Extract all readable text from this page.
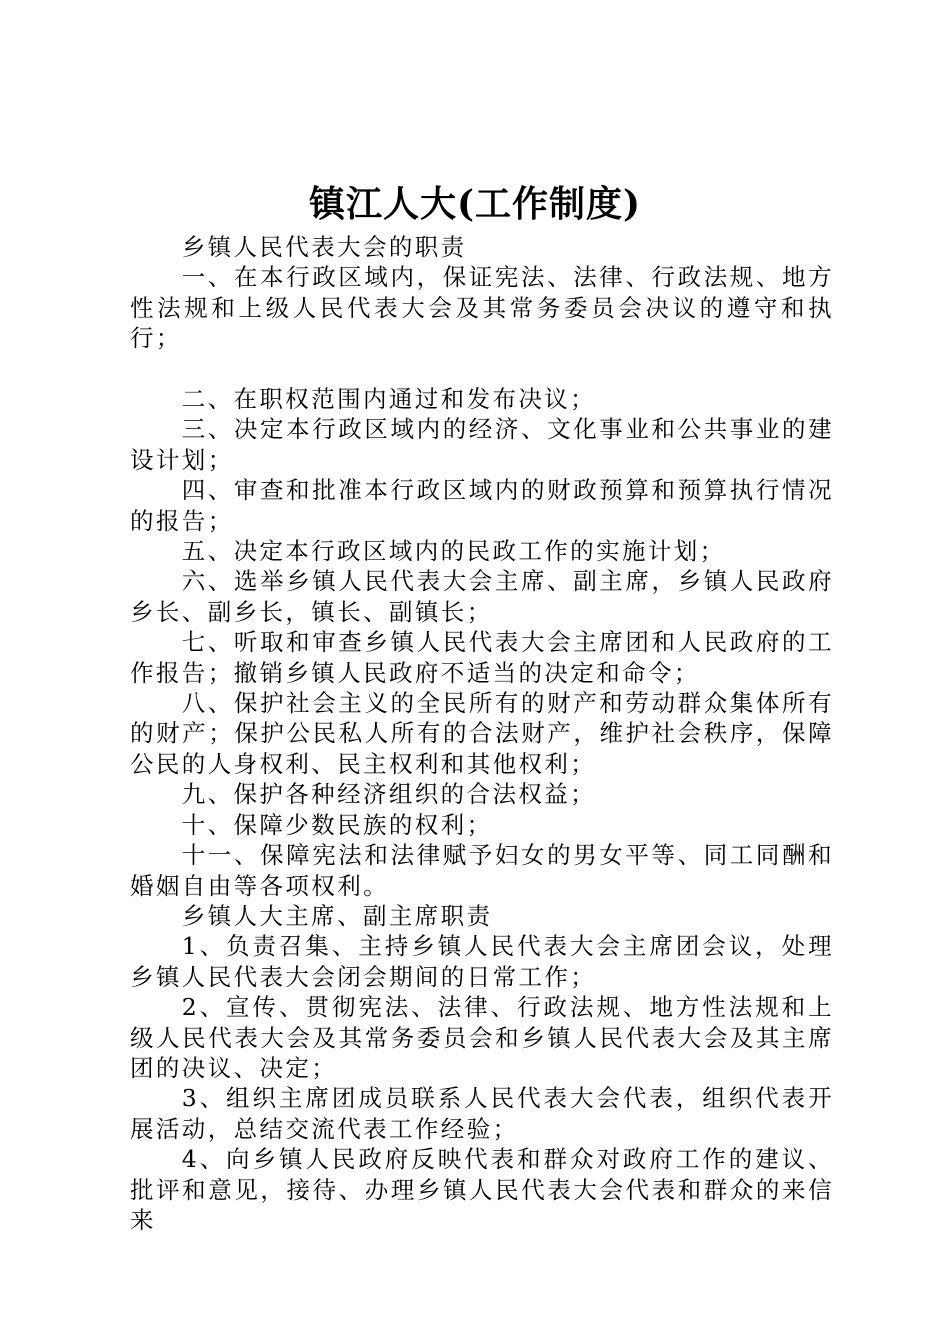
镇江人大(工作制度)

乡镇人民代表大会的职责

一、在本行政区域内，保证宪法、法律、行政法规、地方性法规和上级人民代表大会及其常务委员会决议的遵守和执行；

二、在职权范围内通过和发布决议；

三、决定本行政区域内的经济、文化事业和公共事业的建设计划；

四、审查和批准本行政区域内的财政预算和预算执行情况的报告；

五、决定本行政区域内的民政工作的实施计划；

六、选举乡镇人民代表大会主席、副主席，乡镇人民政府乡长、副乡长，镇长、副镇长；

七、听取和审查乡镇人民代表大会主席团和人民政府的工作报告；撤销乡镇人民政府不适当的决定和命令；

八、保护社会主义的全民所有的财产和劳动群众集体所有的财产；保护公民私人所有的合法财产，维护社会秩序，保障公民的人身权利、民主权利和其他权利；

九、保护各种经济组织的合法权益；

十、保障少数民族的权利；

十一、保障宪法和法律赋予妇女的男女平等、同工同酬和婚姻自由等各项权利。

乡镇人大主席、副主席职责

1、负责召集、主持乡镇人民代表大会主席团会议，处理乡镇人民代表大会闭会期间的日常工作；

2、宣传、贯彻宪法、法律、行政法规、地方性法规和上级人民代表大会及其常务委员会和乡镇人民代表大会及其主席团的决议、决定；

3、组织主席团成员联系人民代表大会代表，组织代表开展活动，总结交流代表工作经验；

4、向乡镇人民政府反映代表和群众对政府工作的建议、批评和意见，接待、办理乡镇人民代表大会代表和群众的来信来
